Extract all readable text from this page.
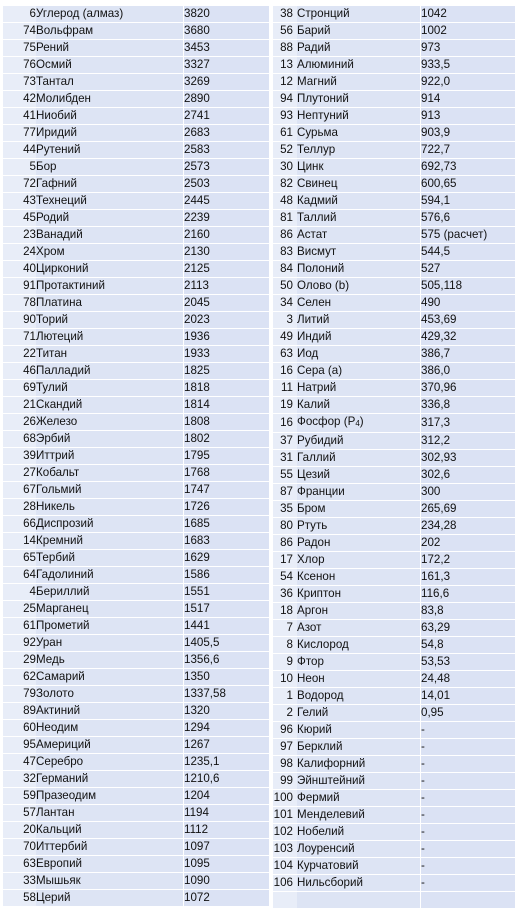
6	Углерод (алмаз)	3820
74	Вольфрам	3680
75	Рений	3453
76	Осмий	3327
73	Тантал	3269
42	Молибден	2890
41	Ниобий	2741
77	Иридий	2683
44	Рутений	2583
5	Бор	2573
72	Гафний	2503
43	Технеций	2445
45	Родий	2239
23	Ванадий	2160
24	Хром	2130
40	Цирконий	2125
91	Протактиний	2113
78	Платина	2045
90	Торий	2023
71	Лютеций	1936
22	Титан	1933
46	Палладий	1825
69	Тулий	1818
21	Скандий	1814
26	Железо	1808
68	Эрбий	1802
39	Иттрий	1795
27	Кобальт	1768
67	Гольмий	1747
28	Никель	1726
66	Диспрозий	1685
14	Кремний	1683
65	Тербий	1629
64	Гадолиний	1586
4	Бериллий	1551
25	Марганец	1517
61	Прометий	1441
92	Уран	1405,5
29	Медь	1356,6
62	Самарий	1350
79	Золото	1337,58
89	Актиний	1320
60	Неодим	1294
95	Америций	1267
47	Серебро	1235,1
32	Германий	1210,6
59	Празеодим	1204
57	Лантан	1194
20	Кальций	1112
70	Иттербий	1097
63	Европий	1095
33	Мышьяк	1090
58	Церий	1072
38	Стронций	1042
56	Барий	1002
88	Радий	973
13	Алюминий	933,5
12	Магний	922,0
94	Плутоний	914
93	Нептуний	913
61	Сурьма	903,9
52	Теллур	722,7
30	Цинк	692,73
82	Свинец	600,65
48	Кадмий	594,1
81	Таллий	576,6
86	Астат	575 (расчет)
83	Висмут	544,5
84	Полоний	527
50	Олово (b)	505,118
34	Селен	490
3	Литий	453,69
49	Индий	429,32
63	Иод	386,7
16	Сера (a)	386,0
11	Натрий	370,96
19	Калий	336,8
16	Фосфор $(P_4)$	317,3
37	Рубидий	312,2
31	Галлий	302,93
55	Цезий	302,6
87	Франции	300
35	Бром	265,69
80	Ртуть	234,28
86	Радон	202
17	Хлор	172,2
54	Ксенон	161,3
36	Криптон	116,6
18	Аргон	83,8
7	Азот	63,29
8	Кислород	54,8
9	Фтор	53,53
10	Неон	24,48
1	Водород	14,01
2	Гелий	0,95
96	Кюрий	-
97	Берклий	-
98	Калифорний	-
99	Эйнштейний	-
100	Фермий	-
101	Менделевий	-
102	Нобелий	-
103	Лоуренсий	-
104	Курчатовий	-
106	Нильсборий	-
